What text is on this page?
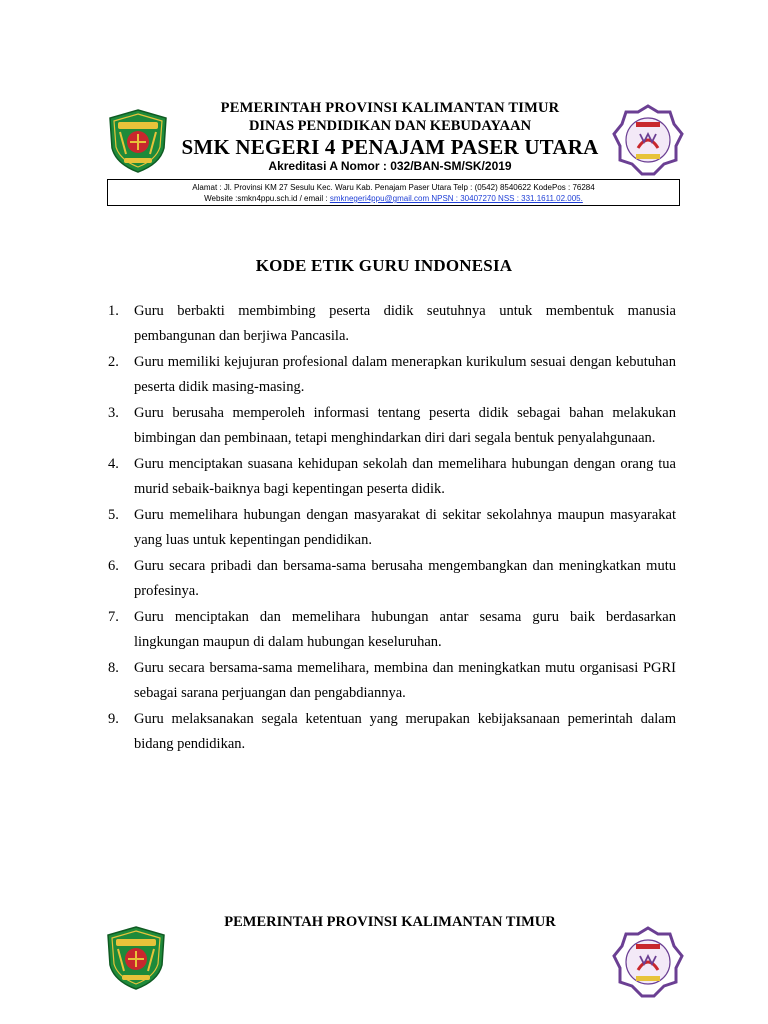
PEMERINTAH PROVINSI KALIMANTAN TIMUR
DINAS PENDIDIKAN DAN KEBUDAYAAN
SMK NEGERI 4 PENAJAM PASER UTARA
Akreditasi A Nomor : 032/BAN-SM/SK/2019
Alamat : Jl. Provinsi KM 27 Sesulu Kec. Waru Kab. Penajam Paser Utara Telp : (0542) 8540622 KodePos : 76284
Website :smkn4ppu.sch.id / email : smknegeri4ppu@gmail.com NPSN : 30407270 NSS : 331.1611.02.005.
KODE ETIK GURU INDONESIA
1. Guru berbakti membimbing peserta didik seutuhnya untuk membentuk manusia pembangunan dan berjiwa Pancasila.
2. Guru memiliki kejujuran profesional dalam menerapkan kurikulum sesuai dengan kebutuhan peserta didik masing-masing.
3. Guru berusaha memperoleh informasi tentang peserta didik sebagai bahan melakukan bimbingan dan pembinaan, tetapi menghindarkan diri dari segala bentuk penyalahgunaan.
4. Guru menciptakan suasana kehidupan sekolah dan memelihara hubungan dengan orang tua murid sebaik-baiknya bagi kepentingan peserta didik.
5. Guru memelihara hubungan dengan masyarakat di sekitar sekolahnya maupun masyarakat yang luas untuk kepentingan pendidikan.
6. Guru secara pribadi dan bersama-sama berusaha mengembangkan dan meningkatkan mutu profesinya.
7. Guru menciptakan dan memelihara hubungan antar sesama guru baik berdasarkan lingkungan maupun di dalam hubungan keseluruhan.
8. Guru secara bersama-sama memelihara, membina dan meningkatkan mutu organisasi PGRI sebagai sarana perjuangan dan pengabdiannya.
9. Guru melaksanakan segala ketentuan yang merupakan kebijaksanaan pemerintah dalam bidang pendidikan.
PEMERINTAH PROVINSI KALIMANTAN TIMUR
